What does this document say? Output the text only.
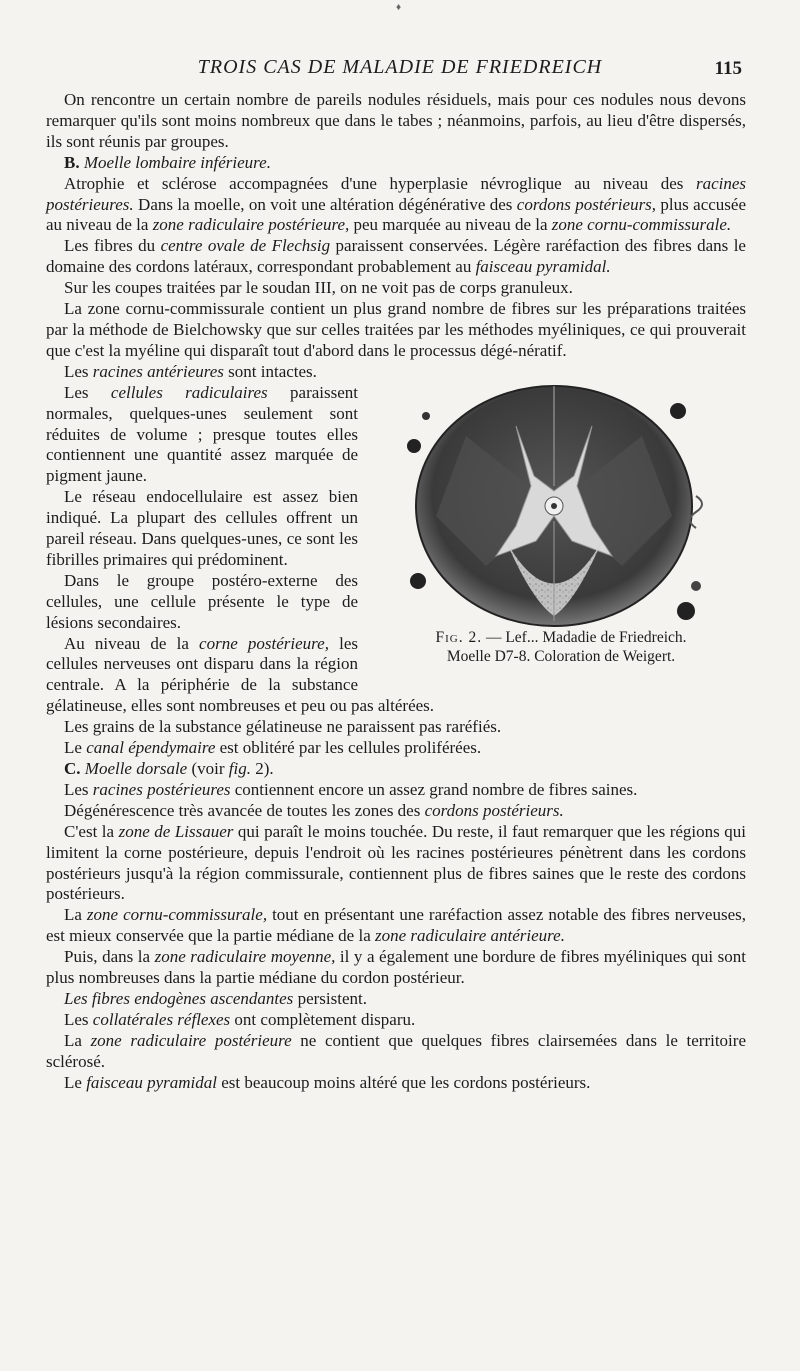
♦
TROIS CAS DE MALADIE DE FRIEDREICH	115

On rencontre un certain nombre de pareils nodules résiduels, mais pour ces nodules nous devons remarquer qu'ils sont moins nombreux que dans le tabes ; néanmoins, parfois, au lieu d'être dispersés, ils sont réunis par groupes.

B. Moelle lombaire inférieure.

Atrophie et sclérose accompagnées d'une hyperplasie névroglique au niveau des racines postérieures. Dans la moelle, on voit une altération dégénérative des cordons postérieurs, plus accusée au niveau de la zone radiculaire postérieure, peu marquée au niveau de la zone cornu-commissurale.

Les fibres du centre ovale de Flechsig paraissent conservées. Légère raréfaction des fibres dans le domaine des cordons latéraux, correspondant probablement au faisceau pyramidal.

Sur les coupes traitées par le soudan III, on ne voit pas de corps granuleux.

La zone cornu-commissurale contient un plus grand nombre de fibres sur les préparations traitées par la méthode de Bielchowsky que sur celles traitées par les méthodes myéliniques, ce qui prouverait que c'est la myéline qui disparaît tout d'abord dans le processus dégé-nératif.

Fig. 2. — Lef... Madadie de Friedreich.
Moelle D7-8. Coloration de Weigert.

Les racines antérieures sont intactes.

Les cellules radiculaires paraissent normales, quelques-unes seulement sont réduites de volume ; presque toutes elles contiennent une quantité assez marquée de pigment jaune.

Le réseau endocellulaire est assez bien indiqué. La plupart des cellules offrent un pareil réseau. Dans quelques-unes, ce sont les fibrilles primaires qui prédominent.

Dans le groupe postéro-externe des cellules, une cellule présente le type de lésions secondaires.

Au niveau de la corne postérieure, les cellules nerveuses ont disparu dans la région centrale. A la périphérie de la substance gélatineuse, elles sont nombreuses et peu ou pas altérées.

Les grains de la substance gélatineuse ne paraissent pas raréfiés.

Le canal épendymaire est oblitéré par les cellules proliférées.

C. Moelle dorsale (voir fig. 2).

Les racines postérieures contiennent encore un assez grand nombre de fibres saines.

Dégénérescence très avancée de toutes les zones des cordons postérieurs.

C'est la zone de Lissauer qui paraît le moins touchée. Du reste, il faut remarquer que les régions qui limitent la corne postérieure, depuis l'endroit où les racines postérieures pénètrent dans les cordons postérieurs jusqu'à la région commissurale, contiennent plus de fibres saines que le reste des cordons postérieurs.

La zone cornu-commissurale, tout en présentant une raréfaction assez notable des fibres nerveuses, est mieux conservée que la partie médiane de la zone radiculaire antérieure.

Puis, dans la zone radiculaire moyenne, il y a également une bordure de fibres myéliniques qui sont plus nombreuses dans la partie médiane du cordon postérieur.

Les fibres endogènes ascendantes persistent.

Les collatérales réflexes ont complètement disparu.

La zone radiculaire postérieure ne contient que quelques fibres clairsemées dans le territoire sclérosé.

Le faisceau pyramidal est beaucoup moins altéré que les cordons postérieurs.
